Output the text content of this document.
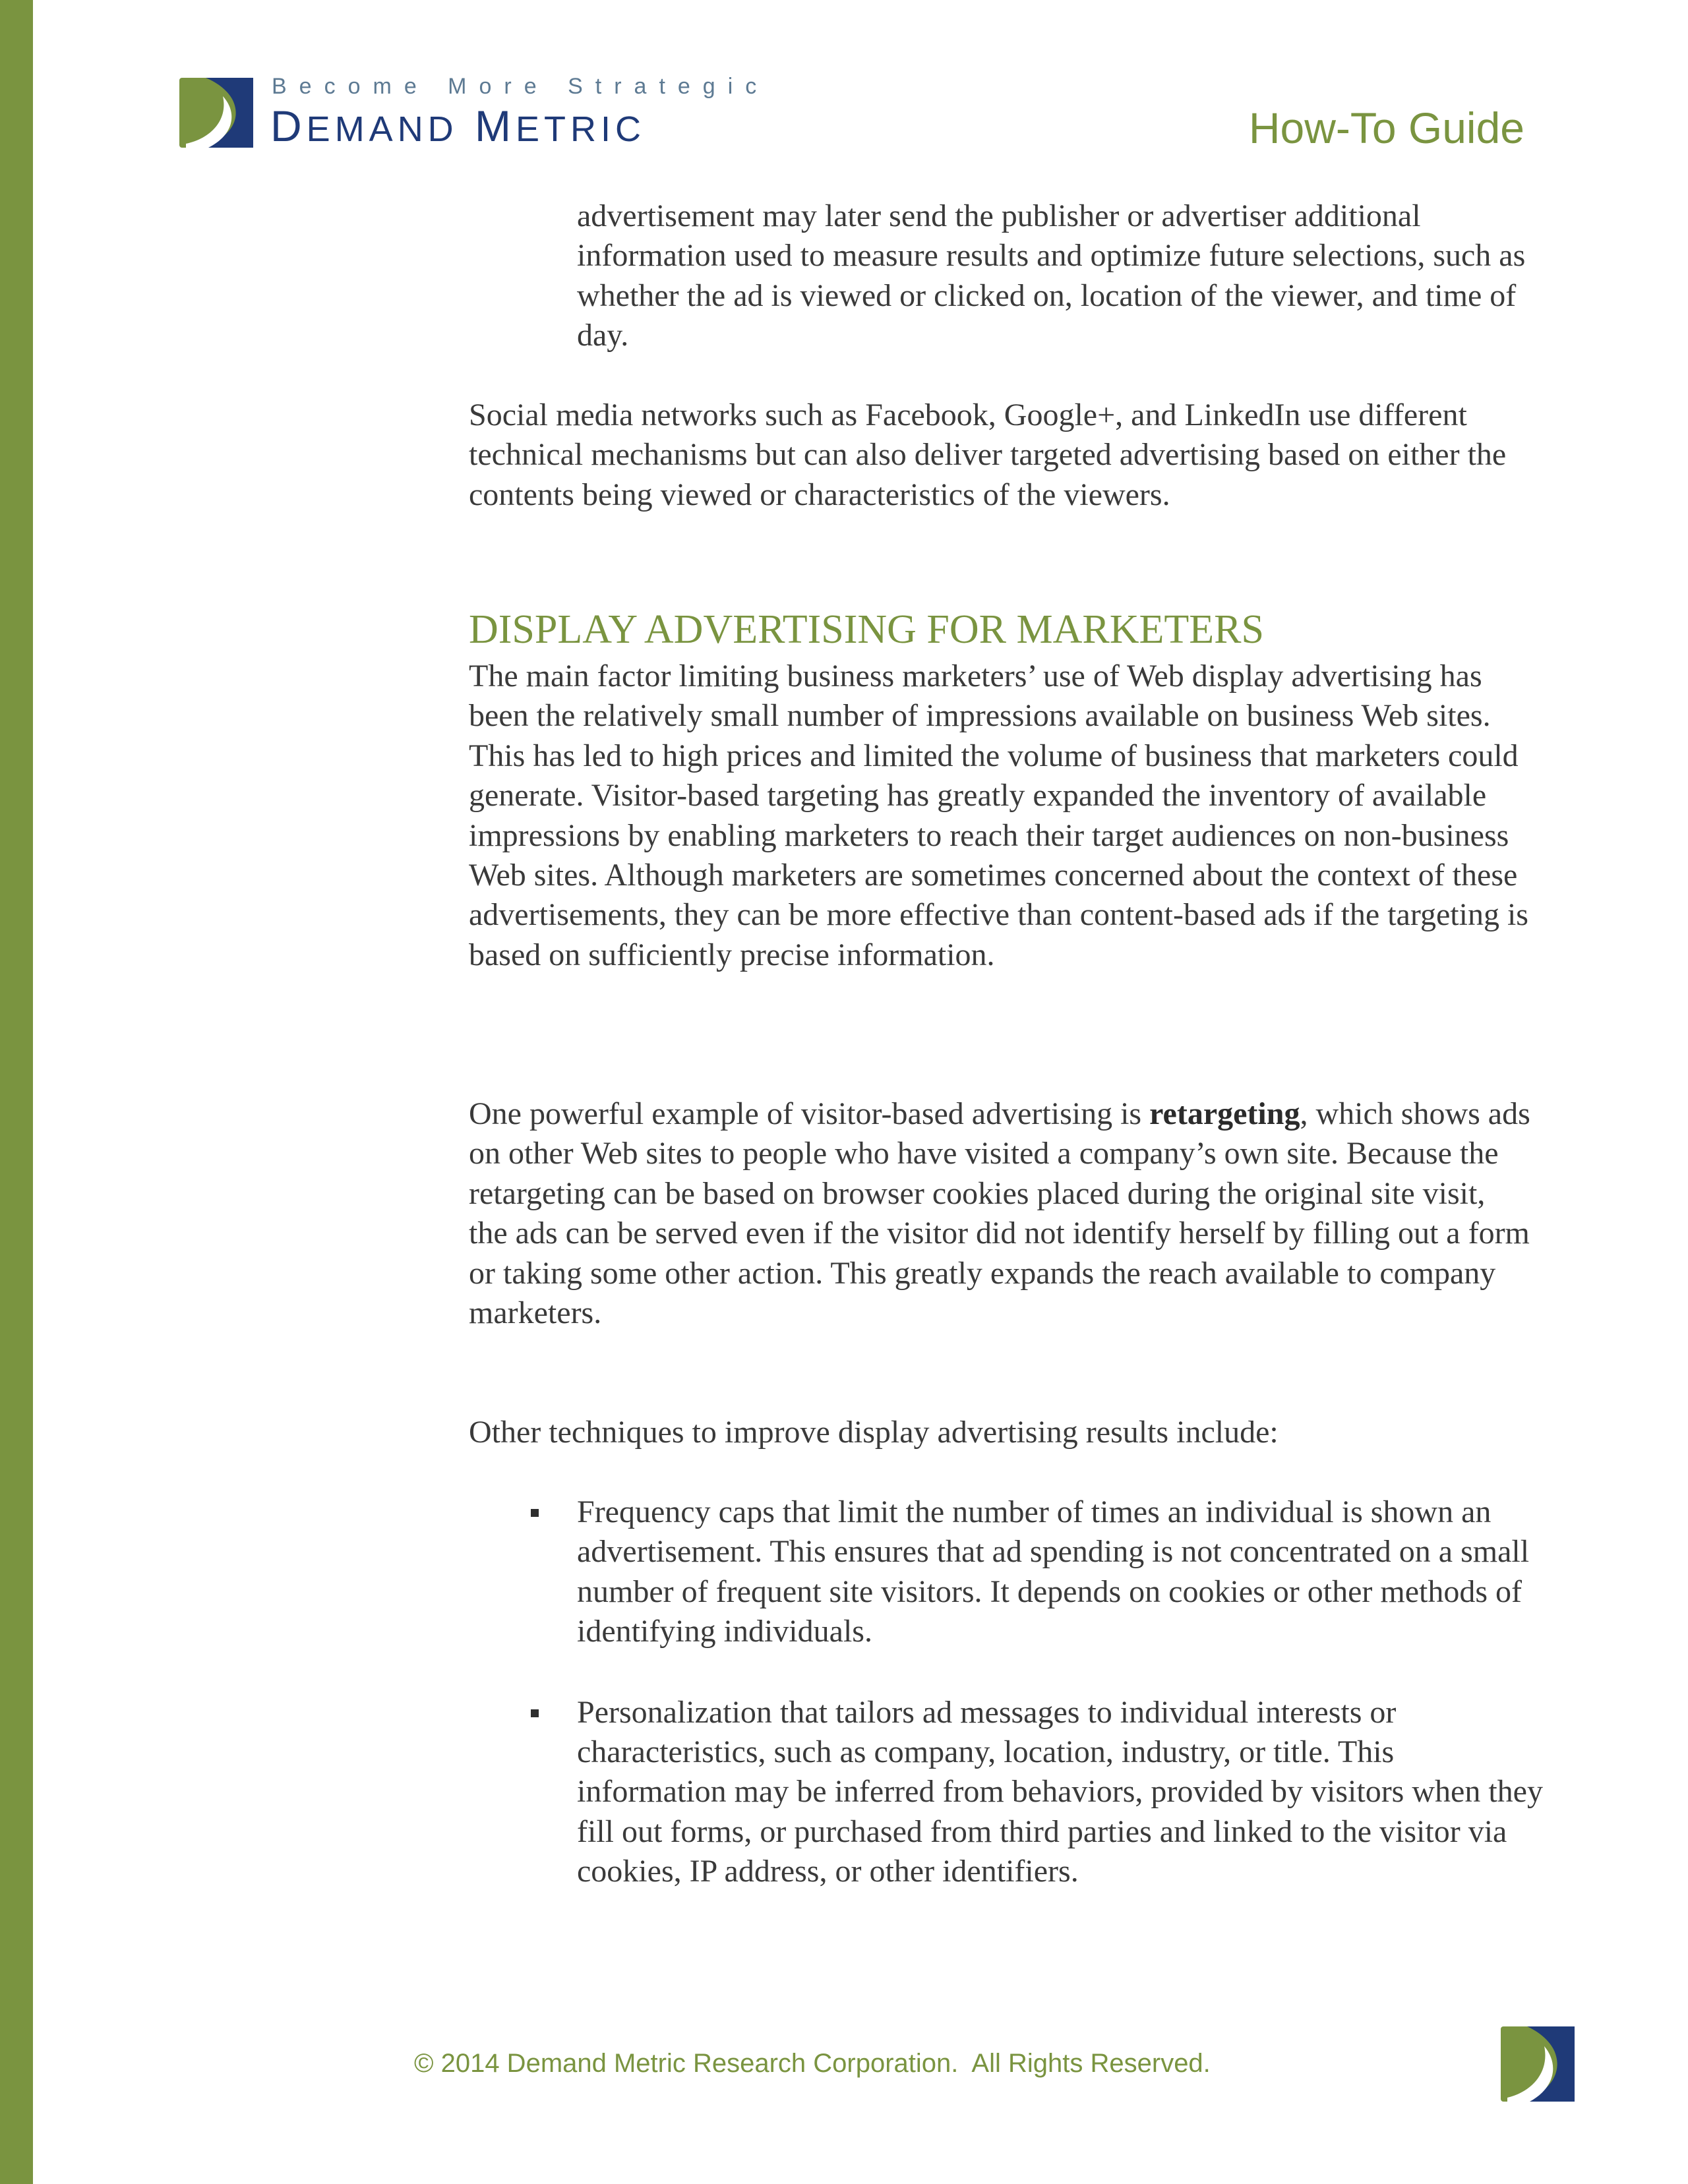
Become More Strategic
DEMAND METRIC	How-To Guide

advertisement may later send the publisher or advertiser additional information used to measure results and optimize future selections, such as whether the ad is viewed or clicked on, location of the viewer, and time of day.

Social media networks such as Facebook, Google+, and LinkedIn use different technical mechanisms but can also deliver targeted advertising based on either the contents being viewed or characteristics of the viewers.

DISPLAY ADVERTISING FOR MARKETERS

The main factor limiting business marketers’ use of Web display advertising has been the relatively small number of impressions available on business Web sites. This has led to high prices and limited the volume of business that marketers could generate. Visitor-based targeting has greatly expanded the inventory of available impressions by enabling marketers to reach their target audiences on non-business Web sites. Although marketers are sometimes concerned about the context of these advertisements, they can be more effective than content-based ads if the targeting is based on sufficiently precise information.

One powerful example of visitor-based advertising is retargeting, which shows ads on other Web sites to people who have visited a company’s own site. Because the retargeting can be based on browser cookies placed during the original site visit, the ads can be served even if the visitor did not identify herself by filling out a form or taking some other action. This greatly expands the reach available to company marketers.

Other techniques to improve display advertising results include:

Frequency caps that limit the number of times an individual is shown an advertisement. This ensures that ad spending is not concentrated on a small number of frequent site visitors. It depends on cookies or other methods of identifying individuals.
Personalization that tailors ad messages to individual interests or characteristics, such as company, location, industry, or title. This information may be inferred from behaviors, provided by visitors when they fill out forms, or purchased from third parties and linked to the visitor via cookies, IP address, or other identifiers.
© 2014 Demand Metric Research Corporation.  All Rights Reserved.
